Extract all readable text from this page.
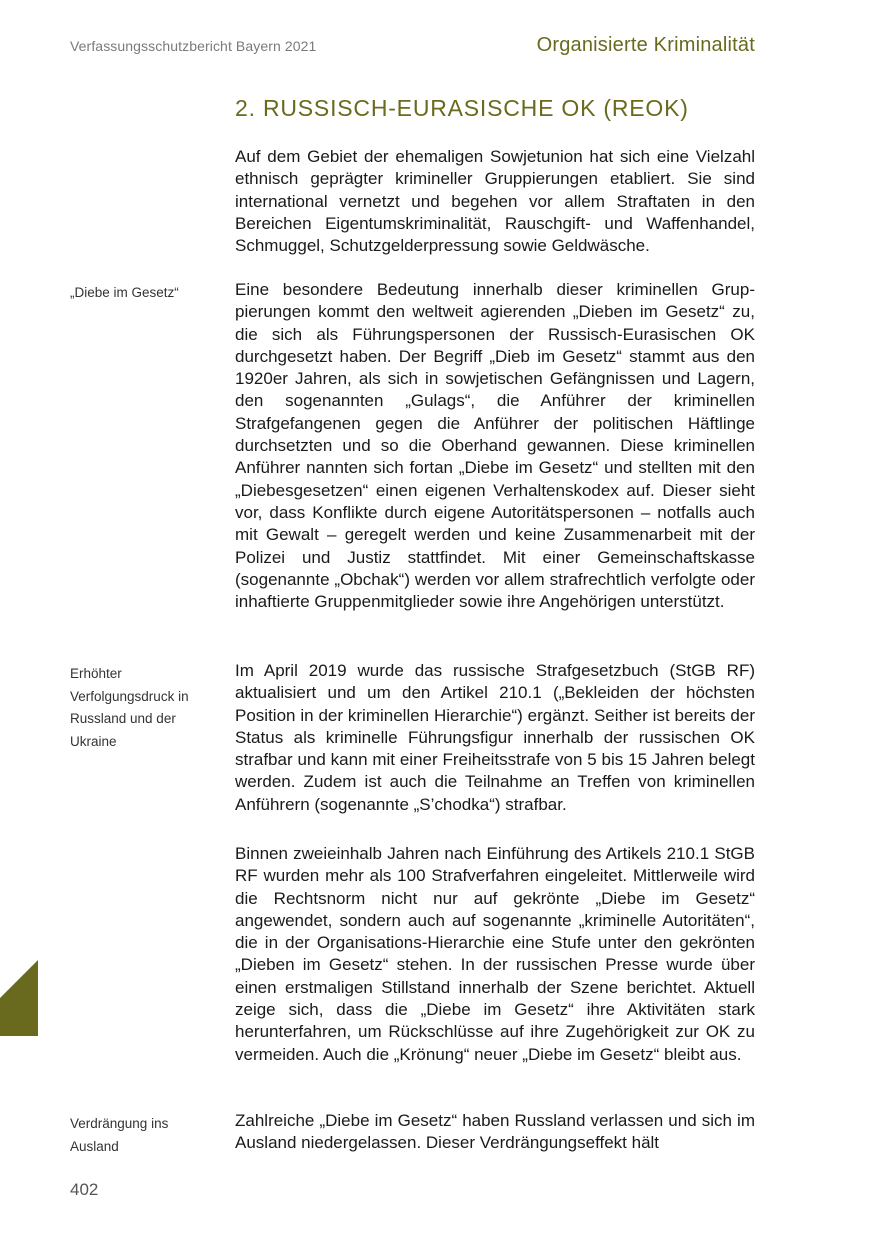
Verfassungsschutzbericht Bayern 2021	Organisierte Kriminalität
2. RUSSISCH-EURASISCHE OK (REOK)

Auf dem Gebiet der ehemaligen Sowjetunion hat sich eine Vielzahl ethnisch geprägter krimineller Gruppierungen etabliert. Sie sind international vernetzt und begehen vor allem Straftaten in den Bereichen Eigentumskriminalität, Rauschgift- und Waffenhandel, Schmuggel, Schutzgelderpressung sowie Geldwäsche.

„Diebe im Gesetz“	Eine besondere Bedeutung innerhalb dieser kriminellen Gruppierungen kommt den weltweit agierenden „Dieben im Gesetz“ zu, die sich als Führungspersonen der Russisch-Eurasischen OK durchgesetzt haben. Der Begriff „Dieb im Gesetz“ stammt aus den 1920er Jahren, als sich in sowjetischen Gefängnissen und Lagern, den sogenannten „Gulags“, die Anführer der kriminellen Strafgefangenen gegen die Anführer der politischen Häftlinge durchsetzten und so die Oberhand gewannen. Diese kriminellen Anführer nannten sich fortan „Diebe im Gesetz“ und stellten mit den „Diebesgesetzen“ einen eigenen Verhaltenskodex auf. Dieser sieht vor, dass Konflikte durch eigene Autoritätspersonen – notfalls auch mit Gewalt – geregelt werden und keine Zusammenarbeit mit der Polizei und Justiz stattfindet. Mit einer Gemeinschaftskasse (sogenannte „Obchak“) werden vor allem strafrechtlich verfolgte oder inhaftierte Gruppenmitglieder sowie ihre Angehörigen unterstützt.

Erhöhter Verfolgungsdruck in Russland und der Ukraine

Im April 2019 wurde das russische Strafgesetzbuch (StGB RF) aktualisiert und um den Artikel 210.1 („Bekleiden der höchsten Position in der kriminellen Hierarchie“) ergänzt. Seither ist bereits der Status als kriminelle Führungsfigur innerhalb der russischen OK strafbar und kann mit einer Freiheitsstrafe von 5 bis 15 Jahren belegt werden. Zudem ist auch die Teilnahme an Treffen von kriminellen Anführern (sogenannte „S’chodka“) strafbar.

Binnen zweieinhalb Jahren nach Einführung des Artikels 210.1 StGB RF wurden mehr als 100 Strafverfahren eingeleitet. Mittlerweile wird die Rechtsnorm nicht nur auf gekrönte „Diebe im Gesetz“ angewendet, sondern auch auf sogenannte „kriminelle Autoritäten“, die in der Organisations-Hierarchie eine Stufe unter den gekrönten „Dieben im Gesetz“ stehen. In der russischen Presse wurde über einen erstmaligen Stillstand innerhalb der Szene berichtet. Aktuell zeige sich, dass die „Diebe im Gesetz“ ihre Aktivitäten stark herunterfahren, um Rückschlüsse auf ihre Zugehörigkeit zur OK zu vermeiden. Auch die „Krönung“ neuer „Diebe im Gesetz“ bleibt aus.

Verdrängung ins Ausland

Zahlreiche „Diebe im Gesetz“ haben Russland verlassen und sich im Ausland niedergelassen. Dieser Verdrängungseffekt hält

402
